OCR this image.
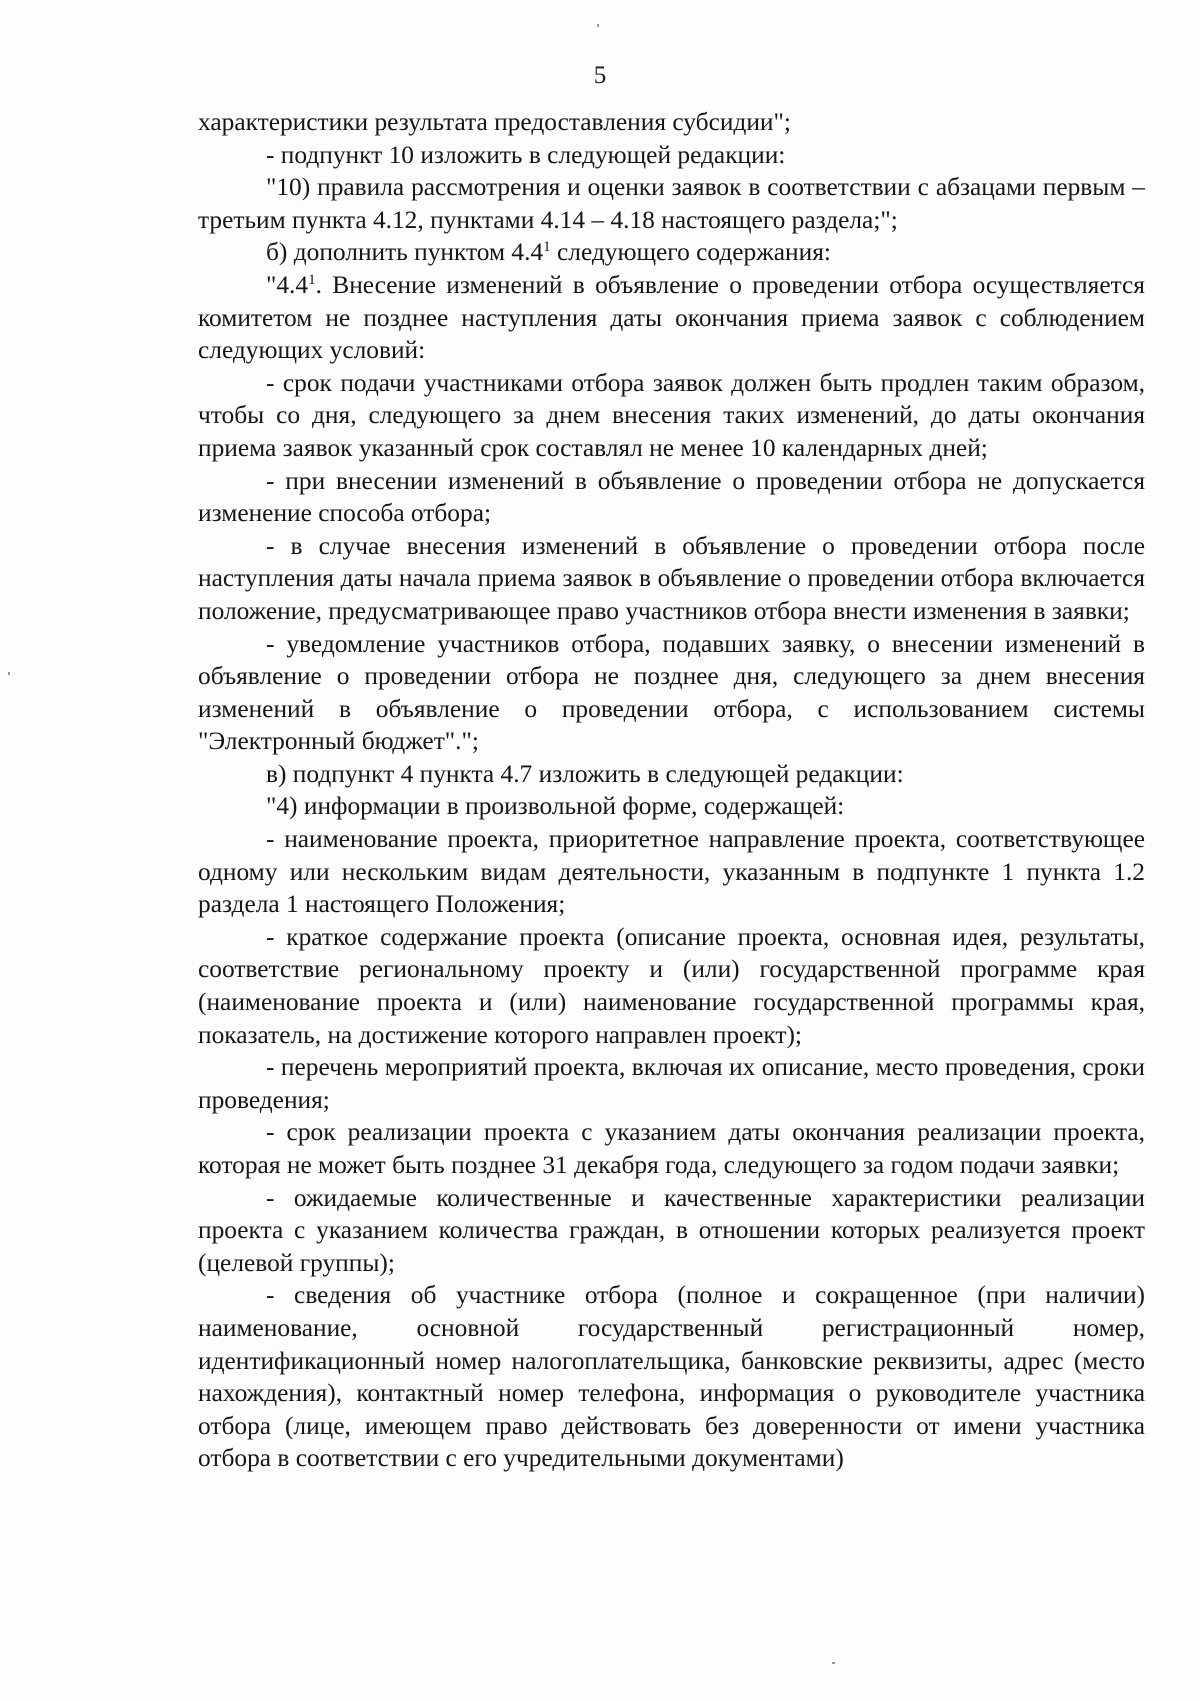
5

характеристики результата предоставления субсидии";

- подпункт 10 изложить в следующей редакции:

"10) правила рассмотрения и оценки заявок в соответствии с абзацами первым – третьим пункта 4.12, пунктами 4.14 – 4.18 настоящего раздела;";

б) дополнить пунктом $4.4^1$ следующего содержания:

"$4.4^1$. Внесение изменений в объявление о проведении отбора осуществляется комитетом не позднее наступления даты окончания приема заявок с соблюдением следующих условий:

- срок подачи участниками отбора заявок должен быть продлен таким образом, чтобы со дня, следующего за днем внесения таких изменений, до даты окончания приема заявок указанный срок составлял не менее 10 календарных дней;

- при внесении изменений в объявление о проведении отбора не допускается изменение способа отбора;

- в случае внесения изменений в объявление о проведении отбора после наступления даты начала приема заявок в объявление о проведении отбора включается положение, предусматривающее право участников отбора внести изменения в заявки;

- уведомление участников отбора, подавших заявку, о внесении изменений в объявление о проведении отбора не позднее дня, следующего за днем внесения изменений в объявление о проведении отбора, с использованием системы "Электронный бюджет".";

в) подпункт 4 пункта 4.7 изложить в следующей редакции:

"4) информации в произвольной форме, содержащей:

- наименование проекта, приоритетное направление проекта, соответствующее одному или нескольким видам деятельности, указанным в подпункте 1 пункта 1.2 раздела 1 настоящего Положения;

- краткое содержание проекта (описание проекта, основная идея, результаты, соответствие региональному проекту и (или) государственной программе края (наименование проекта и (или) наименование государственной программы края, показатель, на достижение которого направлен проект);

- перечень мероприятий проекта, включая их описание, место проведения, сроки проведения;

- срок реализации проекта с указанием даты окончания реализации проекта, которая не может быть позднее 31 декабря года, следующего за годом подачи заявки;

- ожидаемые количественные и качественные характеристики реализации проекта с указанием количества граждан, в отношении которых реализуется проект (целевой группы);

- сведения об участнике отбора (полное и сокращенное (при наличии) наименование, основной государственный регистрационный номер, идентификационный номер налогоплательщика, банковские реквизиты, адрес (место нахождения), контактный номер телефона, информация о руководителе участника отбора (лице, имеющем право действовать без доверенности от имени участника отбора в соответствии с его учредительными документами)
